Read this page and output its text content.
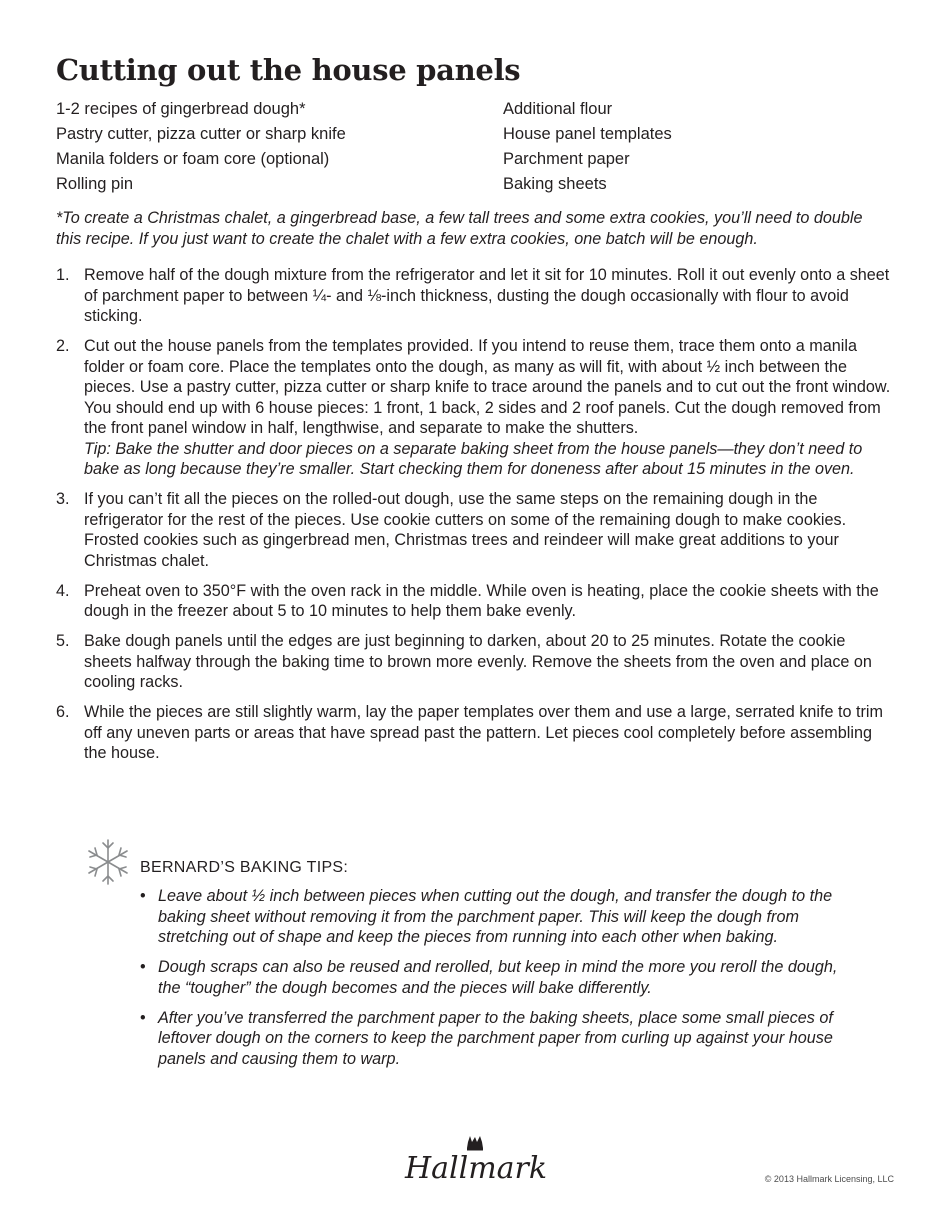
Cutting out the house panels
1-2 recipes of gingerbread dough*	Additional flour
Pastry cutter, pizza cutter or sharp knife	House panel templates
Manila folders or foam core (optional)	Parchment paper
Rolling pin	Baking sheets

*To create a Christmas chalet, a gingerbread base, a few tall trees and some extra cookies, you’ll need to double this recipe. If you just want to create the chalet with a few extra cookies, one batch will be enough.

1. Remove half of the dough mixture from the refrigerator and let it sit for 10 minutes. Roll it out evenly onto a sheet of parchment paper to between ¼- and ⅛-inch thickness, dusting the dough occasionally with flour to avoid sticking.
2. Cut out the house panels from the templates provided. If you intend to reuse them, trace them onto a manila folder or foam core. Place the templates onto the dough, as many as will fit, with about ½ inch between the pieces. Use a pastry cutter, pizza cutter or sharp knife to trace around the panels and to cut out the front window. You should end up with 6 house pieces: 1 front, 1 back, 2 sides and 2 roof panels. Cut the dough removed from the front panel window in half, lengthwise, and separate to make the shutters.
Tip: Bake the shutter and door pieces on a separate baking sheet from the house panels—they don’t need to bake as long because they’re smaller. Start checking them for doneness after about 15 minutes in the oven.
3. If you can’t fit all the pieces on the rolled-out dough, use the same steps on the remaining dough in the refrigerator for the rest of the pieces. Use cookie cutters on some of the remaining dough to make cookies. Frosted cookies such as gingerbread men, Christmas trees and reindeer will make great additions to your Christmas chalet.
4. Preheat oven to 350°F with the oven rack in the middle. While oven is heating, place the cookie sheets with the dough in the freezer about 5 to 10 minutes to help them bake evenly.
5. Bake dough panels until the edges are just beginning to darken, about 20 to 25 minutes. Rotate the cookie sheets halfway through the baking time to brown more evenly. Remove the sheets from the oven and place on cooling racks.
6. While the pieces are still slightly warm, lay the paper templates over them and use a large, serrated knife to trim off any uneven parts or areas that have spread past the pattern. Let pieces cool completely before assembling the house.
BERNARD’S BAKING TIPS:
• Leave about ½ inch between pieces when cutting out the dough, and transfer the dough to the baking sheet without removing it from the parchment paper. This will keep the dough from stretching out of shape and keep the pieces from running into each other when baking.
• Dough scraps can also be reused and rerolled, but keep in mind the more you reroll the dough, the “tougher” the dough becomes and the pieces will bake differently.
• After you’ve transferred the parchment paper to the baking sheets, place some small pieces of leftover dough on the corners to keep the parchment paper from curling up against your house panels and causing them to warp.
Hallmark	© 2013 Hallmark Licensing, LLC
